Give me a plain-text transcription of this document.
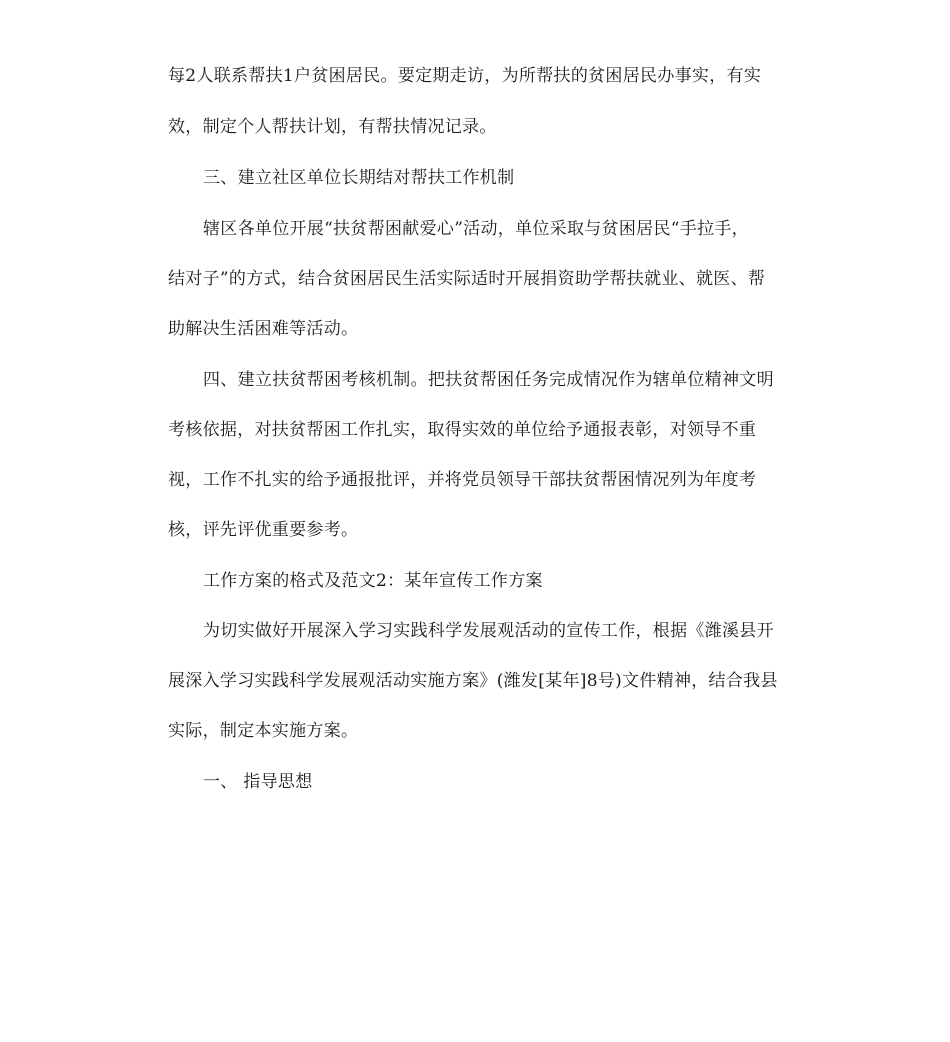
每2人联系帮扶1户贫困居民。要定期走访，为所帮扶的贫困居民办事实，有实
效，制定个人帮扶计划，有帮扶情况记录。
三、建立社区单位长期结对帮扶工作机制
辖区各单位开展“扶贫帮困献爱心”活动，单位采取与贫困居民“手拉手，
结对子”的方式，结合贫困居民生活实际适时开展捐资助学帮扶就业、就医、帮
助解决生活困难等活动。
四、建立扶贫帮困考核机制。把扶贫帮困任务完成情况作为辖单位精神文明
考核依据，对扶贫帮困工作扎实，取得实效的单位给予通报表彰，对领导不重
视，工作不扎实的给予通报批评，并将党员领导干部扶贫帮困情况列为年度考
核，评先评优重要参考。
工作方案的格式及范文2：某年宣传工作方案
为切实做好开展深入学习实践科学发展观活动的宣传工作，根据《潍溪县开
展深入学习实践科学发展观活动实施方案》(潍发[某年]8号)文件精神，结合我县
实际，制定本实施方案。
一、 指导思想
